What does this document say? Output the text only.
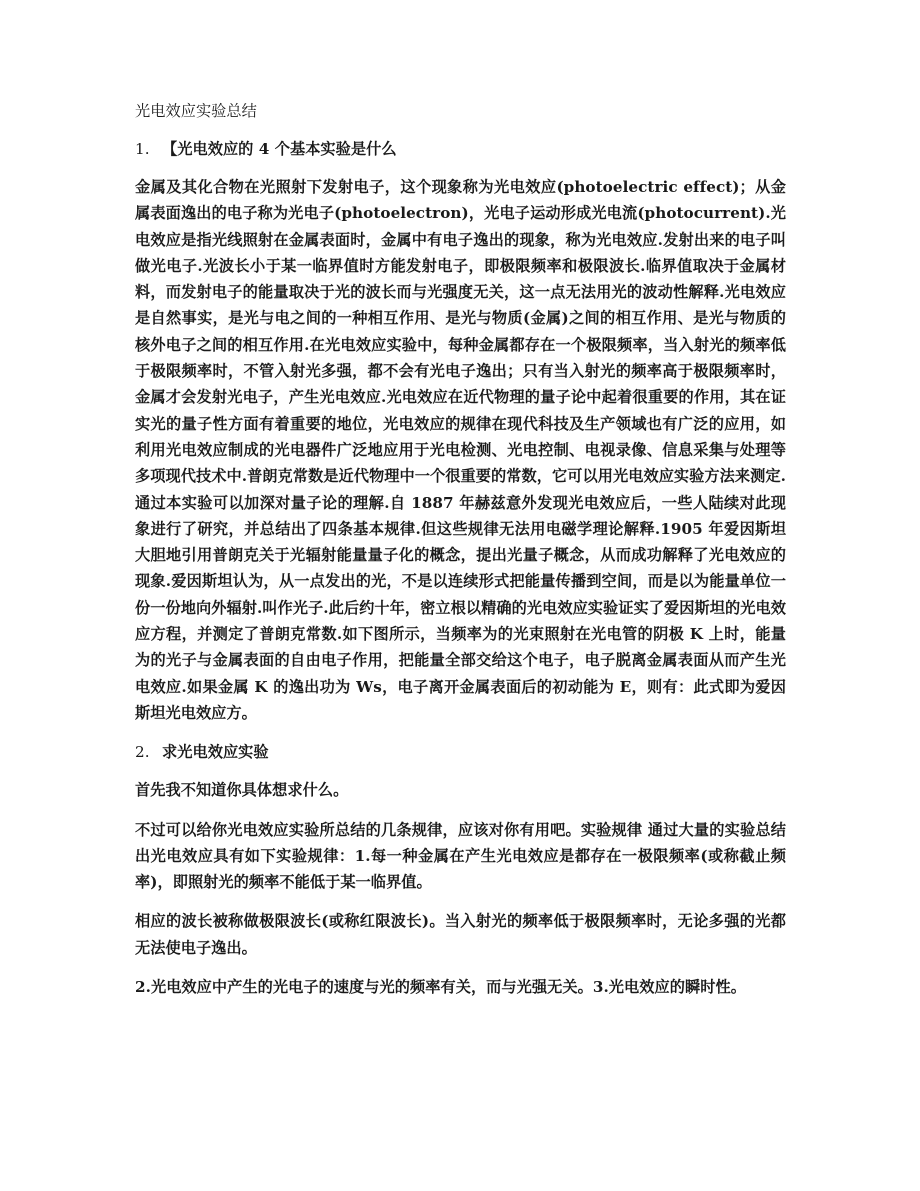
光电效应实验总结
1. 【光电效应的 4 个基本实验是什么
金属及其化合物在光照射下发射电子，这个现象称为光电效应(photoelectric effect)；从金属表面逸出的电子称为光电子(photoelectron)，光电子运动形成光电流(photocurrent).光电效应是指光线照射在金属表面时，金属中有电子逸出的现象，称为光电效应.发射出来的电子叫做光电子.光波长小于某一临界值时方能发射电子，即极限频率和极限波长.临界值取决于金属材料，而发射电子的能量取决于光的波长而与光强度无关，这一点无法用光的波动性解释.光电效应是自然事实，是光与电之间的一种相互作用、是光与物质(金属)之间的相互作用、是光与物质的核外电子之间的相互作用.在光电效应实验中，每种金属都存在一个极限频率，当入射光的频率低于极限频率时，不管入射光多强，都不会有光电子逸出；只有当入射光的频率高于极限频率时，金属才会发射光电子，产生光电效应.光电效应在近代物理的量子论中起着很重要的作用，其在证实光的量子性方面有着重要的地位，光电效应的规律在现代科技及生产领域也有广泛的应用，如利用光电效应制成的光电器件广泛地应用于光电检测、光电控制、电视录像、信息采集与处理等多项现代技术中.普朗克常数是近代物理中一个很重要的常数，它可以用光电效应实验方法来测定.通过本实验可以加深对量子论的理解.自 1887 年赫兹意外发现光电效应后，一些人陆续对此现象进行了研究，并总结出了四条基本规律.但这些规律无法用电磁学理论解释.1905 年爱因斯坦大胆地引用普朗克关于光辐射能量量子化的概念，提出光量子概念，从而成功解释了光电效应的现象.爱因斯坦认为，从一点发出的光，不是以连续形式把能量传播到空间，而是以为能量单位一份一份地向外辐射.叫作光子.此后约十年，密立根以精确的光电效应实验证实了爱因斯坦的光电效应方程，并测定了普朗克常数.如下图所示，当频率为的光束照射在光电管的阴极 K 上时，能量为的光子与金属表面的自由电子作用，把能量全部交给这个电子，电子脱离金属表面从而产生光电效应.如果金属 K 的逸出功为 Ws，电子离开金属表面后的初动能为 E，则有：此式即为爱因斯坦光电效应方。
2. 求光电效应实验
首先我不知道你具体想求什么。
不过可以给你光电效应实验所总结的几条规律，应该对你有用吧。实验规律 通过大量的实验总结出光电效应具有如下实验规律：1.每一种金属在产生光电效应是都存在一极限频率(或称截止频率)，即照射光的频率不能低于某一临界值。
相应的波长被称做极限波长(或称红限波长)。当入射光的频率低于极限频率时，无论多强的光都无法使电子逸出。
2.光电效应中产生的光电子的速度与光的频率有关，而与光强无关。3.光电效应的瞬时性。
